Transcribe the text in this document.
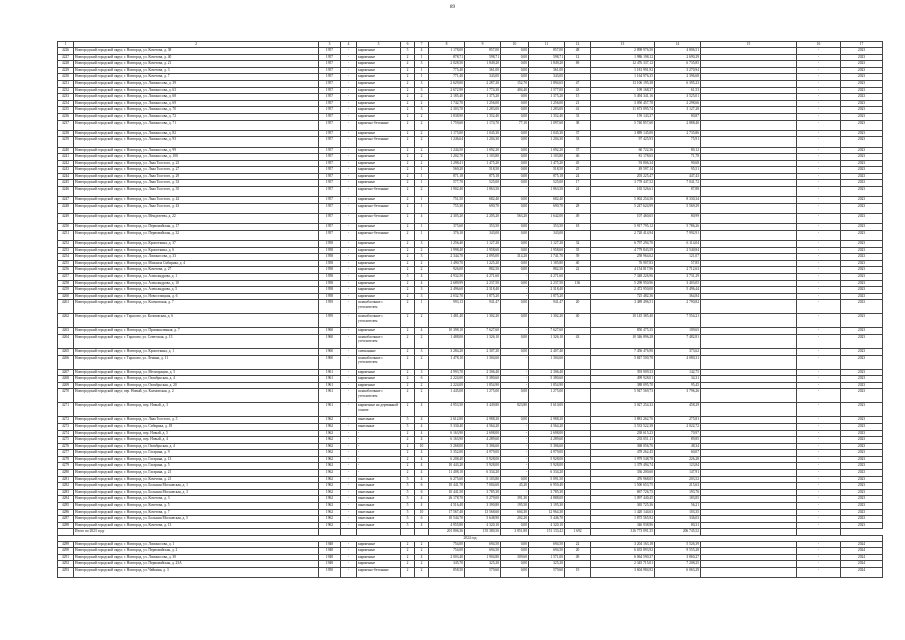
89
1	2	3	4	5	6	7	8	9	10	11	12	13	14	15	16	17
4226	Новгородский городской округ, г. Новгород, ул. Кочетова, д. 38	1957	-	кирпичные	5	4	1 178,00	857,00	0,00	857,00	48	2 898 976,50	4 806,51		-	2023
4227	Новгородский городской округ, г. Новгород, ул. Кочетова, д. 40	1957	-	кирпичные	2	1	878,71	598,71	0,00	598,71	12	1 986 198,12	2 690,29		-	2023
4228	Новгородский городской округ, г. Новгород, ул. Кочетова, д. 21	1957	-	кирпичные	2	3	2 028,50	1 849,20	0,00	1 849,20	69	12 476 337,12	6 735,85		-	2023
4229	Новгородский городской округ, г. Новгород, ул. Кочетова, д. 3	1957	-	кирпичные	2	1	775,40	361,00	0,00	361,00		1 181 991,92	3 270,94		-	2023
4230	Новгородский городской округ, г. Новгород, ул. Кочетова, д. 7	1957	-	кирпичные	2	1	771,40	343,00	0,00	343,00		1 164 976,35	2 396,68		-	2023
4231	Новгородский городской округ, г. Новгород, ул. Ломоносова, д. 39	1957	-	кирпичные	2	3	2 629,00	2 287,20	152,70	1 894,65	47	13 106 195,38	6 395,23		-	2023
4232	Новгородский городской округ, г. Новгород, ул. Ломоносова, д. 63	1957	-	кирпичные	2	3	2 672,90	1 774,30	404,40	1 577,00	43	109 168,37	61,53		-	2023
4233	Новгородский городской округ, г. Новгород, ул. Ломоносова, д. 68	1957	-	кирпичные	2	2	2 185,40	1 375,20	0,00	1 375,20	15	5 494 341,16	3 525,01		-	2023
4234	Новгородский городской округ, г. Новгород, ул. Ломоносова, д. 69	1957	-	кирпичные	2	2	1 742,70	1 256,00	0,00	1 256,00	21	3 050 457,78	2 298,66		-	2023
4235	Новгородский городской округ, г. Новгород, ул. Ломоносова, д. 70	1957	-	кирпичные	2	3	2 303,70	1 283,00	0,00	1 283,00	41	11 673 095,74	3 127,28		-	2023
4236	Новгородский городской округ, г. Новгород, ул. Ломоносова, д. 72	1957	-	кирпичные	2	2	1 838,90	1 352,40	0,00	1 352,40	33	159 143,37	80,87		-	2023
4237	Новгородский городской округ, г. Новгород, ул. Ломоносова, д. 71	1957	-	кирпично-бетонные	2	2	1 759,60	1 174,70	77,10	1 097,60	38	5 740 857,60	2 888,40		-	2023
4238	Новгородский городской округ, г. Новгород, ул. Ломоносова, д. 82	1957	-	кирпичные	2	2	1 175,00	1 045,30	0,00	1 045,30	37	3 889 145,00	2 735,86		-	2023
4239	Новгородский городской округ, г. Новгород, ул. Ломоносова, д. 93	1957	-	кирпично-бетонные	2	2	1 246,64	1 204,30	0,00	1 204,30	33	97 425,93	75,91		-	2023
4240	Новгородский городской округ, г. Новгород, ул. Ломоносова, д. 99	1957	-	кирпичные	2	2	1 244,50	1 092,20	0,00	1 092,20	37	60 722,36	80,12		-	2023
4241	Новгородский городской округ, г. Новгород, ул. Ломоносова, д. 100	1957	-	кирпичные	2	2	1 202,70	1 103,80	0,00	1 103,80	46	81 178,65	71,78		-	2023
4242	Новгородский городской округ, г. Новгород, ул. Льва Толстого, д. 23	1957	-	кирпичные	2	2	1 298,41	1 475,20	0,00	1 475,20	45	93 806,34	90,68		-	2023
4243	Новгородский городской округ, г. Новгород, ул. Льва Толстого, д. 27	1957	-	кирпичные	2	1	569,20	518,50	0,00	518,50	25	49 597,14	95,51		-	2023
4244	Новгородский городской округ, г. Новгород, ул. Льва Толстого, д. 29	1957	-	кирпичные	2	1	871,18	875,18	0,00	875,18	24	203 225,47	447,43		-	2023
4245	Новгородский городской округ, г. Новгород, ул. Льва Толстого, д. 33	1957	-	кирпичные	2	1	577,70	525,00	0,00	525,00	17	3 778 447,52	7 041,72		-	2023
4246	Новгородский городской округ, г. Новгород, ул. Льва Толстого, д. 35	1957	-	кирпично-бетонные	2	2	1 902,40	1 863,50	-	1 863,50	24	165 526,61	87,88		-	2023
4247	Новгородский городской округ, г. Новгород, ул. Льва Толстого, д. 42	1957	-	кирпичные	2	1	751,50	682,40	0,00	682,40		5 002 254,56	8 330,34		-	2023
4248	Новгородский городской округ, г. Новгород, ул. Льва Толстого, д. 43	1957	-	кирпично-бетонные	2	1	755,30	690,70	0,00	690,70	28	5 247 624,99	5 569,29		-	2023
4249	Новгородский городской округ, г. Новгород, ул. Менделеева, д. 22	1957	-	кирпично-бетонные	2	4	2 305,20	2 205,20	563,20	1 642,00	49	107 460,65	80,99		-	2023
4250	Новгородский городской округ, г. Новгород, ул. Первомайская, д. 17	1957	-	кирпичные	2	1	375,60	353,50	0,00	353,50	18	5 917 795,12	5 786,26		-	2023
4251	Новгородский городской округ, г. Новгород, ул. Первомайская, д. 32	1957	-	кирпично-бетонные	2	1	376,10	343,00	0,00	343,00		2 720 414,94	7 992,91		-	2023
4252	Новгородский городской округ, г. Новгород, ул. Кропоткина, д. 37	1958	-	кирпичные	2	3	1 256,40	1 127,20	0,00	1 127,20	32	6 797 294,70	6 114,04		-	2023
4253	Новгородский городской округ, г. Новгород, ул. Кропоткина, д. 6	1958	-	кирпичные	2	2	1 998,40	1 958,60	0,00	1 958,60	35	4 779 843,59	2 540,84		-	2023
4254	Новгородский городской округ, г. Новгород, ул. Ломоносова, д. 33	1958	-	кирпичные	2	3	2 344,70	2 095,00	314,20	1 741,70	39	258 964,62	121,07		-	2023
4255	Новгородский городской округ, г. Новгород, ул. Михаила Сибиряка, д. 4	1958	-	кирпичные	2	2	1 490,70	1 225,20	0,00	1 185,80	40	76 907,83	57,85		-	2023
4256	Новгородский городской округ, г. Новгород, ул. Кочетова, д. 27	1958	-	кирпичные	2	2	926,00	882,50	0,00	882,50	22	4 154 817,96	2 712,63		-	2023
4257	Новгородский городской округ, г. Новгород, ул. Александрова, д. 1	1958	-	кирпичные	5	4	4 932,50	4 271,60	-	4 271,60		7 348 226,96	3 731,29		-	2023
4258	Новгородский городской округ, г. Новгород, ул. Александрова, д. 10	1958	-	кирпичные	2	4	2 689,99	2 237,50	0,00	2 237,50	136	5 298 950,96	3 403,05		-	2023
4259	Новгородский городской округ, г. Новгород, ул. Александрова, д. 5	1958	-	кирпичные	2	3	2 496,60	2 318,40	-	2 318,40		2 472 950,00	5 496,44		-	2023
4260	Новгородский городской округ, г. Новгород, ул. Новоселицкая, д. 6	1958	-	кирпичные	2	3	2 032,70	1 875,20	-	1 875,20		725 482,36	364,84		-	2023
4261	Новгородский городской округ, г. Новгород, ул. Колмовская, д. 7	1959	-	шлакоблочные с утеплителем	2	1	993,13	941,47	0,00	941,47	20	3 489 496,51	2 790,82		-	2023
4262	Новгородский городской округ, г. Тарасово, ул. Колмовская, д. 6	1959	-	шлакоблочные с утеплителем	2	2	1 481,40	1 302,20	0,00	1 302,20	40	10 145 385,40	7 554,21		-	2023
4263	Новгородский городской округ, г. Новгород, ул. Промышленная, д. 7	1960	-	кирпичные	2	4	10 398,10	7 627,60	-	7 627,60		850 475,35	109,65		-	2023
4264	Новгородский городской округ, г. Тарасово, ул. Советская, д. 13	1960	-	шлакоблочные с утеплителем	2	2	1 488,00	1 326,10	0,00	1 326,10	43	10 346 896,28	7 482,81		-	2023
4265	Новгородский городской округ, г. Новгород, ул. Кропоткина, д. 1	1960	-	смешанные	2	3	3 284,20	2 307,20	0,00	2 407,40		7 456 476,90	373,62		-	2023
4266	Новгородский городской округ, г. Тарасово, ул. Ленина, д. 11	1960	-	шлакоблочные с утеплителем	2	2	1 478,10	1 304,60	-	1 304,60		5 847 500,78	4 080,31		-	2023
4267	Новгородский городской округ, г. Новгород, ул. Мелиорации, д. 5	1961	-	кирпичные	2	3	4 993,70	2 306,40	-	2 306,40		393 909,33	142,75		-	2023
4268	Новгородский городской округ, г. Новгород, ул. Октябрьская, д. 4	1961	-	кирпичные	2	6	2 224,00	5 380,60	-	5 380,60		499 928,01	34,31		-	2023
4269	Новгородский городской округ, г. Новгород, ул. Октябрьская, д. 20	1961	-	кирпичные	2	2	2 224,00	1 854,90	-	1 854,90		388 095,70	95,45		-	2023
4270	Новгородский городской округ, пер. Новый, ул. Колмовская, д. 2	1961	-	шлакоблочные с утеплителем	2	2	1 445,00	1 275,00	0,00	1 275,00		5 947 569,73	3 796,26		-	2023
4271	Новгородский городской округ, г. Новгород, пер. Новый, д. 3	1961	-	кирпичные на деревянной основе	2	4	4 953,50	3 449,80	823,80	3 610,00		3 027 254,32	458,29		-	2023
4272	Новгородский городской округ, г. Новгород, ул. Льва Толстого, д. 5	1962	-	панельные	5	4	2 612,80	2 988,20	0,00	2 988,20		3 881 262,76	275,81		-	2023
4273	Новгородский городской округ, г. Новгород, ул. Сибиряка, д. 18	1962	-	панельные	5	4	5 330,40	4 564,20	-	4 564,20		3 533 522,38	2 022,72		-	2023
4274	Новгородский городской округ, г. Новгород, пер. Новый, д. 5	1962	-	-	2	4	6 163,90	2 698,00	-	2 698,00		238 615,23	70,97		-	2023
4275	Новгородский городской округ, г. Новгород, пер. Новый, д. 4	1962	-	-	2	4	6 163,90	4 289,60	-	4 289,60		233 051,11	89,85		-	2023
4276	Новгородский городской округ, г. Новгород, ул. Октябрьская, д. 4	1962	-	-	2	10	5 268,00	5 306,60	-	5 306,60		368 056,76	48,34		-	2023
4277	Новгородский городской округ, г. Новгород, ул. Гагарина, д. 9	1962	-	-	2	4	5 352,00	4 979,00	-	4 979,00		478 262,45	60,07		-	2023
4278	Новгородский городской округ, г. Новгород, ул. Гагарина, д. 13	1962	-	-	2	4	6 208,40	5 928,00	-	5 928,00		1 979 548,78	226,28		-	2023
4279	Новгородский городской округ, г. Новгород, ул. Гагарина, д. 5	1962	-	-	2	4	10 443,20	5 928,00	-	5 928,00		1 379 494,74	123,84		-	2023
4280	Новгородский городской округ, г. Новгород, ул. Гагарина, д. 21	1962	-	-	2	4	11 408,10	6 334,20	-	6 334,20		336 200,60	147,91		-	2023
4281	Новгородский городской округ, г. Новгород, ул. Кочетова, д. 21	1962	-	панельные	5	4	6 275,60	5 103,80	0,00	5 091,50		476 968,05	203,52		-	2023
4282	Новгородский городской округ, г. Новгород, ул. Большая Московская, д. 1	1962	-	панельные	5	6	10 441,70	7 004,60	45,20	6 959,40		1 500 653,75	215,63		-	2023
4283	Новгородский городской округ, г. Новгород, ул. Большая Московская, д. 3	1962	-	панельные	5	6	10 441,50	3 785,30	-	3 785,30		867 726,75	193,76		-	2023
4284	Новгородский городской округ, г. Новгород, ул. Кочетова, д. 3	1962	-	панельные	5	4	26 178,70	5 279,00	391,30	4 888,00		1 097 440,45	183,85		-	2023
4285	Новгородский городской округ, г. Новгород, ул. Кочетова, д. 5	1962	-	панельные	5	4	4 516,40	3 390,80	195,50	3 195,30		365 725,36	56,21		-	2023
4286	Новгородский городской округ, г. Новгород, ул. Кочетова, д. 7	1962	-	панельные	5	10	17 567,40	13 568,60	604,30	12 964,30		1 420 144,63	103,35		-	2023
4287	Новгородский городской округ, г. Новгород, ул. Большая Московская, д. 5	1962	-	панельные	5	6	10 544,70	5 648,90	202,20	5 446,70		1 875 565,92	336,03		-	2023
4288	Новгородский городской округ, г. Новгород, ул. Кочетова, д. 13	1962	-	панельные	5	4	4 955,80	4 320,10	0,00	4 320,10		346 938,96	80,31		-	2023
	Итого по 2023 году						201 806,36	155 380,56	3 851,80	151 133,42	1 692	316 773 091,35	206 745,52			
2024 год																
4289	Новгородский городской округ, г. Новгород, ул. Ломоносова, д. 1	1948	-	кирпичные	2	2	754,00	694,50	0,00	694,50	22	3 204 163,18	5 526,39		-	2024
4290	Новгородский городской округ, г. Новгород, ул. Первомайская, д. 2	1948	-	кирпичные	2	2	754,00	694,50	0,00	694,50	20	6 635 893,92	9 555,28		-	2024
4291	Новгородский городской округ, г. Новгород, ул. Ломоносова, д. 30	1948	-	кирпичные	2	4	2 003,40	1 904,80	309,60	1 571,00	49	6 064 590,37	3 860,27		-	2024
4292	Новгородский городской округ, г. Новгород, ул. Первомайская, д. 23А	1948	-	кирпичные	2	2	345,70	325,20	0,00	325,20		2 345 715,01	7 208,25		-	2024
4293	Новгородский городской округ, г. Новгород, ул. Чайкина, д. 3	1950	-	кирпично-бетонные	2	2	858,50	579,60	0,00	579,60	19	3 604 984,92	6 063,29		-	2024
